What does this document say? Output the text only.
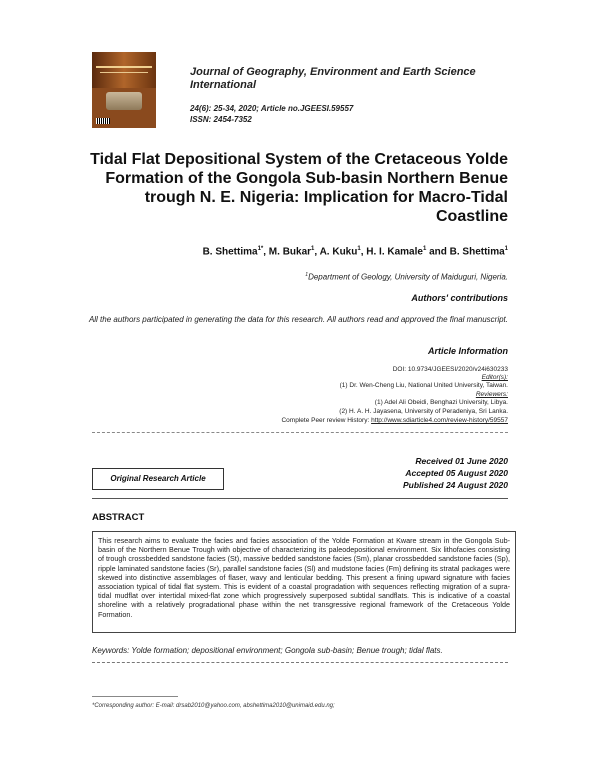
Journal of Geography, Environment and Earth Science International
24(6): 25-34, 2020; Article no.JGEESI.59557
ISSN: 2454-7352
Tidal Flat Depositional System of the Cretaceous Yolde Formation of the Gongola Sub-basin Northern Benue trough N. E. Nigeria: Implication for Macro-Tidal Coastline
B. Shettima$^{1*}$, M. Bukar$^1$, A. Kuku$^1$, H. I. Kamale$^1$ and B. Shettima$^1$
$^1$Department of Geology, University of Maiduguri, Nigeria.
Authors' contributions
All the authors participated in generating the data for this research. All authors read and approved the final manuscript.
Article Information
DOI: 10.9734/JGEESI/2020/v24i630233
Editor(s):
(1) Dr. Wen-Cheng Liu, National United University, Taiwan.
Reviewers:
(1) Adel Ali Obeidi, Benghazi University, Libya.
(2) H. A. H. Jayasena, University of Peradeniya, Sri Lanka.
Complete Peer review History: http://www.sdiarticle4.com/review-history/59557
Received 01 June 2020
Accepted 05 August 2020
Published 24 August 2020
Original Research Article
ABSTRACT
This research aims to evaluate the facies and facies association of the Yolde Formation at Kware stream in the Gongola Sub-basin of the Northern Benue Trough with objective of characterizing its paleodepositional environment. Six lithofacies consisting of trough crossbedded sandstone facies (St), massive bedded sandstone facies (Sm), planar crossbedded sandstone facies (Sp), ripple laminated sandstone facies (Sr), parallel sandstone facies (Sl) and mudstone facies (Fm) defining its stratal packages were skewed into distinctive assemblages of flaser, wavy and lenticular bedding. This present a fining upward signature with facies association typical of tidal flat system. This is evident of a coastal progradation with sequences reflecting migration of a supra-tidal mudflat over intertidal mixed-flat zone which progressively superposed subtidal sandflats. This is indicative of a coastal shoreline with a relatively progradational phase within the net transgressive regional framework of the Cretaceous Yolde Formation.
Keywords: Yolde formation; depositional environment; Gongola sub-basin; Benue trough; tidal flats.
*Corresponding author: E-mail: drsab2010@yahoo.com, abshettima2010@unimaid.edu.ng;
